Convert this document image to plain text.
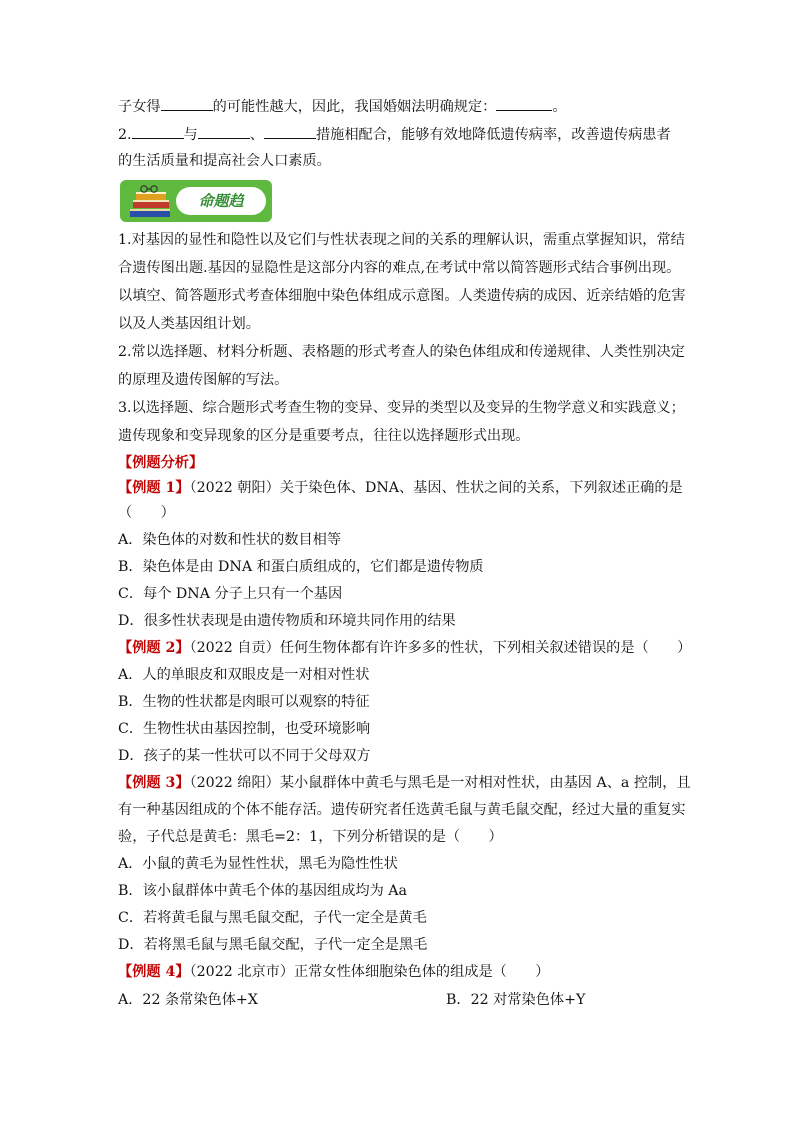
子女得	的可能性越大，因此，我国婚姻法明确规定：	。
2.	与	、	措施相配合，能够有效地降低遗传病率，改善遗传病患者
的生活质量和提高社会人口素质。
命题趋
1.对基因的显性和隐性以及它们与性状表现之间的关系的理解认识，需重点掌握知识，常结
合遗传图出题.基因的显隐性是这部分内容的难点,在考试中常以简答题形式结合事例出现。
以填空、简答题形式考查体细胞中染色体组成示意图。人类遗传病的成因、近亲结婚的危害
以及人类基因组计划。
2.常以选择题、材料分析题、表格题的形式考查人的染色体组成和传递规律、人类性别决定
的原理及遗传图解的写法。
3.以选择题、综合题形式考查生物的变异、变异的类型以及变异的生物学意义和实践意义；
遗传现象和变异现象的区分是重要考点，往往以选择题形式出现。
【例题分析】
【例题 1】（2022 朝阳）关于染色体、DNA、基因、性状之间的关系，下列叙述正确的是
（　　）
A．染色体的对数和性状的数目相等
B．染色体是由 DNA 和蛋白质组成的，它们都是遗传物质
C．每个 DNA 分子上只有一个基因
D．很多性状表现是由遗传物质和环境共同作用的结果
【例题 2】（2022 自贡）任何生物体都有许许多多的性状，下列相关叙述错误的是（　　）
A．人的单眼皮和双眼皮是一对相对性状
B．生物的性状都是肉眼可以观察的特征
C．生物性状由基因控制，也受环境影响
D．孩子的某一性状可以不同于父母双方
【例题 3】（2022 绵阳）某小鼠群体中黄毛与黑毛是一对相对性状，由基因 A、a 控制，且
有一种基因组成的个体不能存活。遗传研究者任选黄毛鼠与黄毛鼠交配，经过大量的重复实
验，子代总是黄毛：黑毛=2：1，下列分析错误的是（　　）
A．小鼠的黄毛为显性性状，黑毛为隐性性状
B．该小鼠群体中黄毛个体的基因组成均为 Aa
C．若将黄毛鼠与黑毛鼠交配，子代一定全是黄毛
D．若将黑毛鼠与黑毛鼠交配，子代一定全是黑毛
【例题 4】（2022 北京市）正常女性体细胞染色体的组成是（　　）
A．22 条常染色体+X	B．22 对常染色体+Y
